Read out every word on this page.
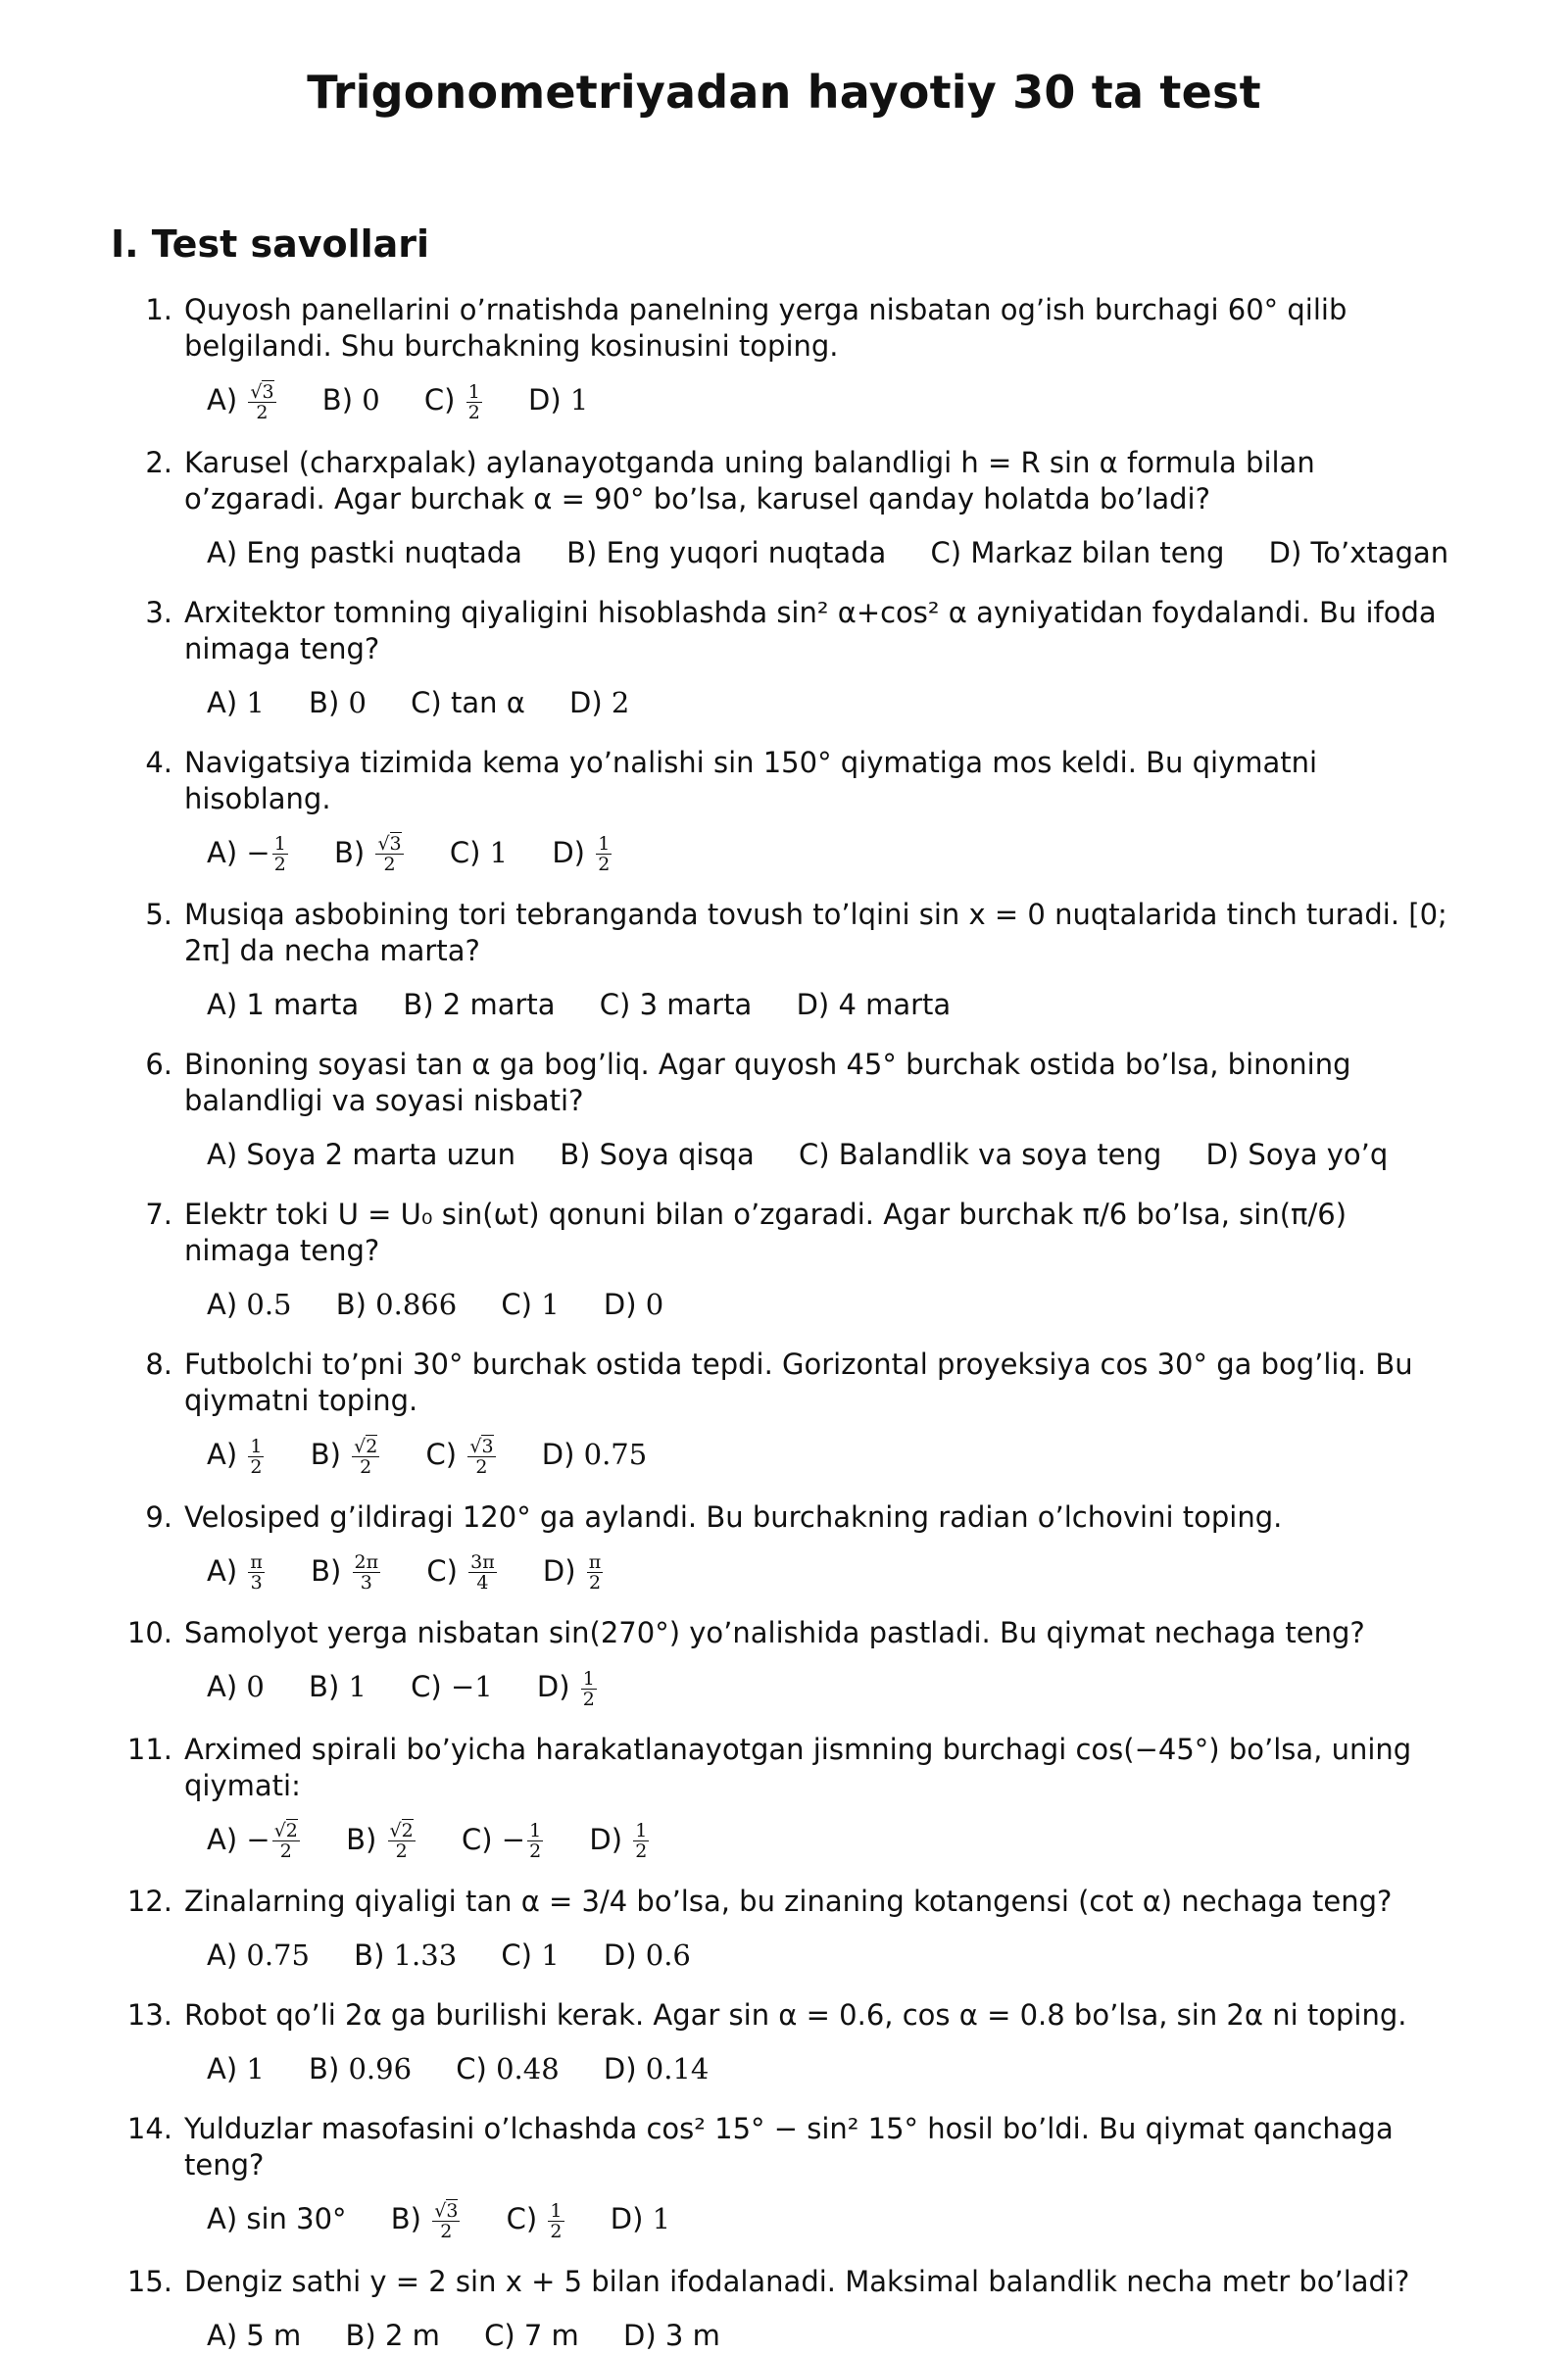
Trigonometriyadan hayotiy 30 ta test
I. Test savollari
1. Quyosh panellarini o’rnatishda panelning yerga nisbatan og’ish burchagi 60° qilib belgilandi. Shu burchakning kosinusini toping.
$A) \frac{√3}{2} B$) 0 $C) \frac{1}{2} D$) 1
2. Karusel (charxpalak) aylanayotganda uning balandligi h = R sin α formula bilan o’zgaradi. Agar burchak α = 90° bo’lsa, karusel qanday holatda bo’ladi?
A) Eng pastki nuqtada B) Eng yuqori nuqtada C) Markaz bilan teng D) To’xtagan
3. Arxitektor tomning qiyaligini hisoblashda sin² α+cos² α ayniyatidan foydalandi. Bu ifoda nimaga teng?
A) 1 B) 0 C) tan α D) 2
4. Navigatsiya tizimida kema yo’nalishi sin 150° qiymatiga mos keldi. Bu qiymatni hisoblang.
$A) - \frac{1}{2} B) \frac{√3}{2} C$) 1 $D) \frac{1}{2}$
5. Musiqa asbobining tori tebranganda tovush to’lqini sin x = 0 nuqtalarida tinch turadi. [0; 2π] da necha marta?
A) 1 marta B) 2 marta C) 3 marta D) 4 marta
6. Binoning soyasi tan α ga bog’liq. Agar quyosh 45° burchak ostida bo’lsa, binoning balandligi va soyasi nisbati?
A) Soya 2 marta uzun B) Soya qisqa C) Balandlik va soya teng D) Soya yo’q
7. Elektr toki U = U₀ sin(ωt) qonuni bilan o’zgaradi. Agar burchak π/6 bo’lsa, sin(π/6) nimaga teng?
A) 0.5 B) 0.866 C) 1 D) 0
8. Futbolchi to’pni 30° burchak ostida tepdi. Gorizontal proyeksiya cos 30° ga bog’liq. Bu qiymatni toping.
$A) \frac{1}{2} B) \frac{√2}{2} C) \frac{√3}{2} D$) 0.75
9. Velosiped g’ildiragi 120° ga aylandi. Bu burchakning radian o’lchovini toping.
$A) \frac{\pi}{3} B) \frac{2\pi}{3} C) \frac{3\pi}{4} D) \frac{\pi}{2}$
10. Samolyot yerga nisbatan sin(270°) yo’nalishida pastladi. Bu qiymat nechaga teng?
A) 0 B) 1 C) −1 $D) \frac{1}{2}$
11. Arximed spirali bo’yicha harakatlanayotgan jismning burchagi cos(−45°) bo’lsa, uning qiymati:
$A) - \frac{√2}{2} B) \frac{√2}{2} C) - \frac{1}{2} D) \frac{1}{2}$
12. Zinalarning qiyaligi tan α = 3/4 bo’lsa, bu zinaning kotangensi (cot α) nechaga teng?
A) 0.75 B) 1.33 C) 1 D) 0.6
13. Robot qo’li 2α ga burilishi kerak. Agar sin α = 0.6, cos α = 0.8 bo’lsa, sin 2α ni toping.
A) 1 B) 0.96 C) 0.48 D) 0.14
14. Yulduzlar masofasini o’lchashda cos² 15° − sin² 15° hosil bo’ldi. Bu qiymat qanchaga teng?
A) sin 30° $B) \frac{√3}{2} C) \frac{1}{2} D$) 1
15. Dengiz sathi y = 2 sin x + 5 bilan ifodalanadi. Maksimal balandlik necha metr bo’ladi?
A) 5 m B) 2 m C) 7 m D) 3 m
